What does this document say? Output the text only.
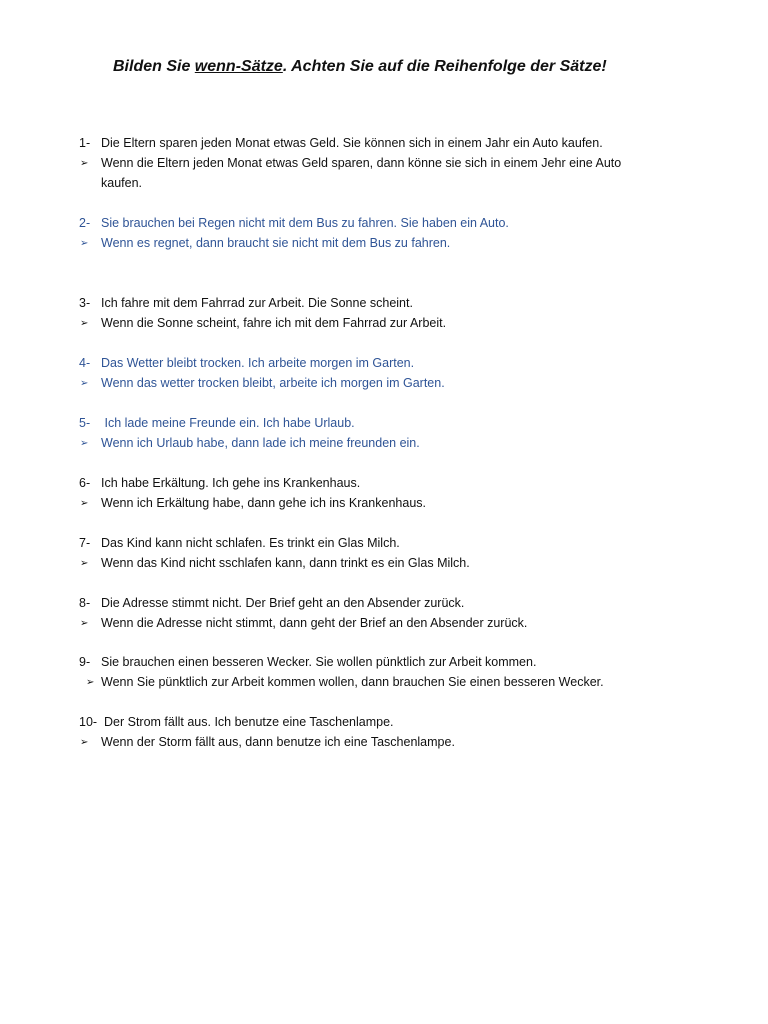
Bilden Sie wenn-Sätze. Achten Sie auf die Reihenfolge der Sätze!
1- Die Eltern sparen jeden Monat etwas Geld. Sie können sich in einem Jahr ein Auto kaufen.
➢ Wenn die Eltern jeden Monat etwas Geld sparen, dann könne sie sich in einem Jehr eine Auto kaufen.
2- Sie brauchen bei Regen nicht mit dem Bus zu fahren. Sie haben ein Auto.
➢ Wenn es regnet, dann braucht sie nicht mit dem Bus zu fahren.
3- Ich fahre mit dem Fahrrad zur Arbeit. Die Sonne scheint.
➢ Wenn die Sonne scheint, fahre ich mit dem Fahrrad zur Arbeit.
4- Das Wetter bleibt trocken. Ich arbeite morgen im Garten.
➢ Wenn das wetter trocken bleibt, arbeite ich morgen im Garten.
5- Ich lade meine Freunde ein. Ich habe Urlaub.
➢ Wenn ich Urlaub habe, dann lade ich meine freunden ein.
6- Ich habe Erkältung. Ich gehe ins Krankenhaus.
➢ Wenn ich Erkältung habe, dann gehe ich ins Krankenhaus.
7- Das Kind kann nicht schlafen. Es trinkt ein Glas Milch.
➢ Wenn das Kind nicht sschlafen kann, dann trinkt es ein Glas Milch.
8- Die Adresse stimmt nicht. Der Brief geht an den Absender zurück.
➢ Wenn die Adresse nicht stimmt, dann geht der Brief an den Absender zurück.
9- Sie brauchen einen besseren Wecker. Sie wollen pünktlich zur Arbeit kommen.
➢ Wenn Sie pünktlich zur Arbeit kommen wollen, dann brauchen Sie einen besseren Wecker.
10- Der Strom fällt aus. Ich benutze eine Taschenlampe.
➢ Wenn der Storm fällt aus, dann benutze ich eine Taschenlampe.
